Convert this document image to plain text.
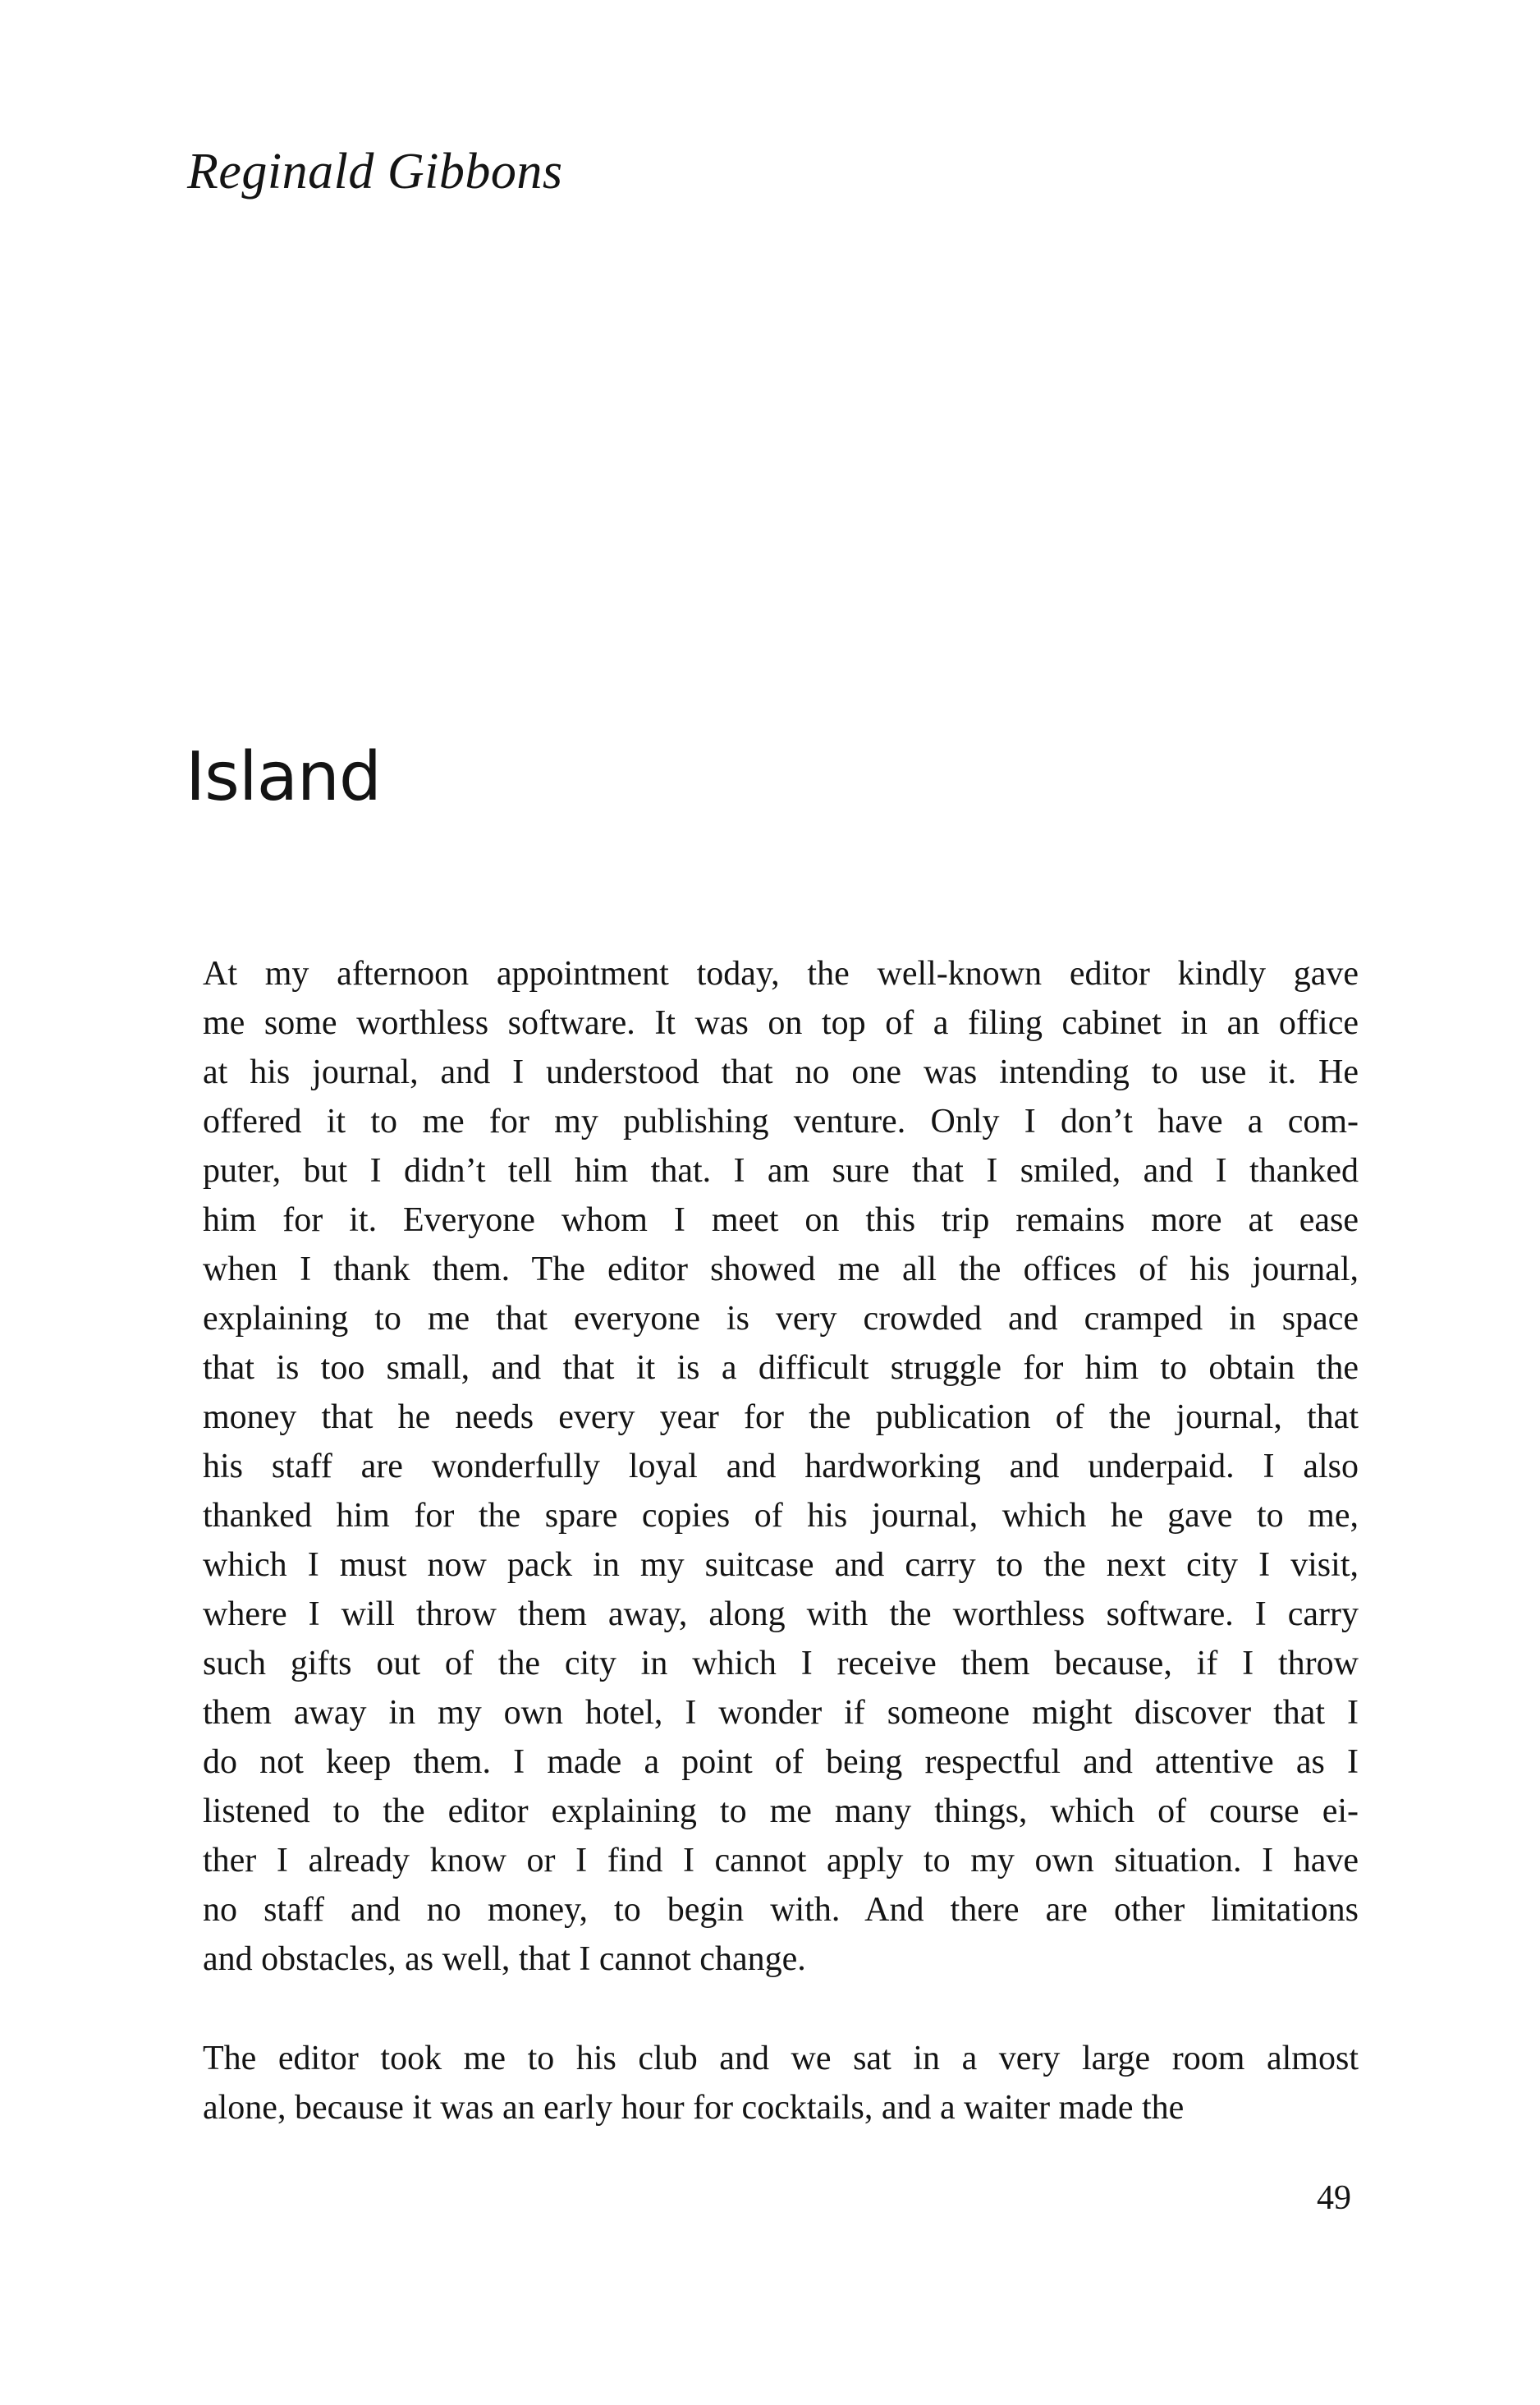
Reginald Gibbons
Island
At my afternoon appointment today, the well-known editor kindly gave
me some worthless software. It was on top of a filing cabinet in an office
at his journal, and I understood that no one was intending to use it. He
offered it to me for my publishing venture. Only I don’t have a com-
puter, but I didn’t tell him that. I am sure that I smiled, and I thanked
him for it. Everyone whom I meet on this trip remains more at ease
when I thank them. The editor showed me all the offices of his journal,
explaining to me that everyone is very crowded and cramped in space
that is too small, and that it is a difficult struggle for him to obtain the
money that he needs every year for the publication of the journal, that
his staff are wonderfully loyal and hardworking and underpaid. I also
thanked him for the spare copies of his journal, which he gave to me,
which I must now pack in my suitcase and carry to the next city I visit,
where I will throw them away, along with the worthless software. I carry
such gifts out of the city in which I receive them because, if I throw
them away in my own hotel, I wonder if someone might discover that I
do not keep them. I made a point of being respectful and attentive as I
listened to the editor explaining to me many things, which of course ei-
ther I already know or I find I cannot apply to my own situation. I have
no staff and no money, to begin with. And there are other limitations
and obstacles, as well, that I cannot change.
The editor took me to his club and we sat in a very large room almost
alone, because it was an early hour for cocktails, and a waiter made the

49
